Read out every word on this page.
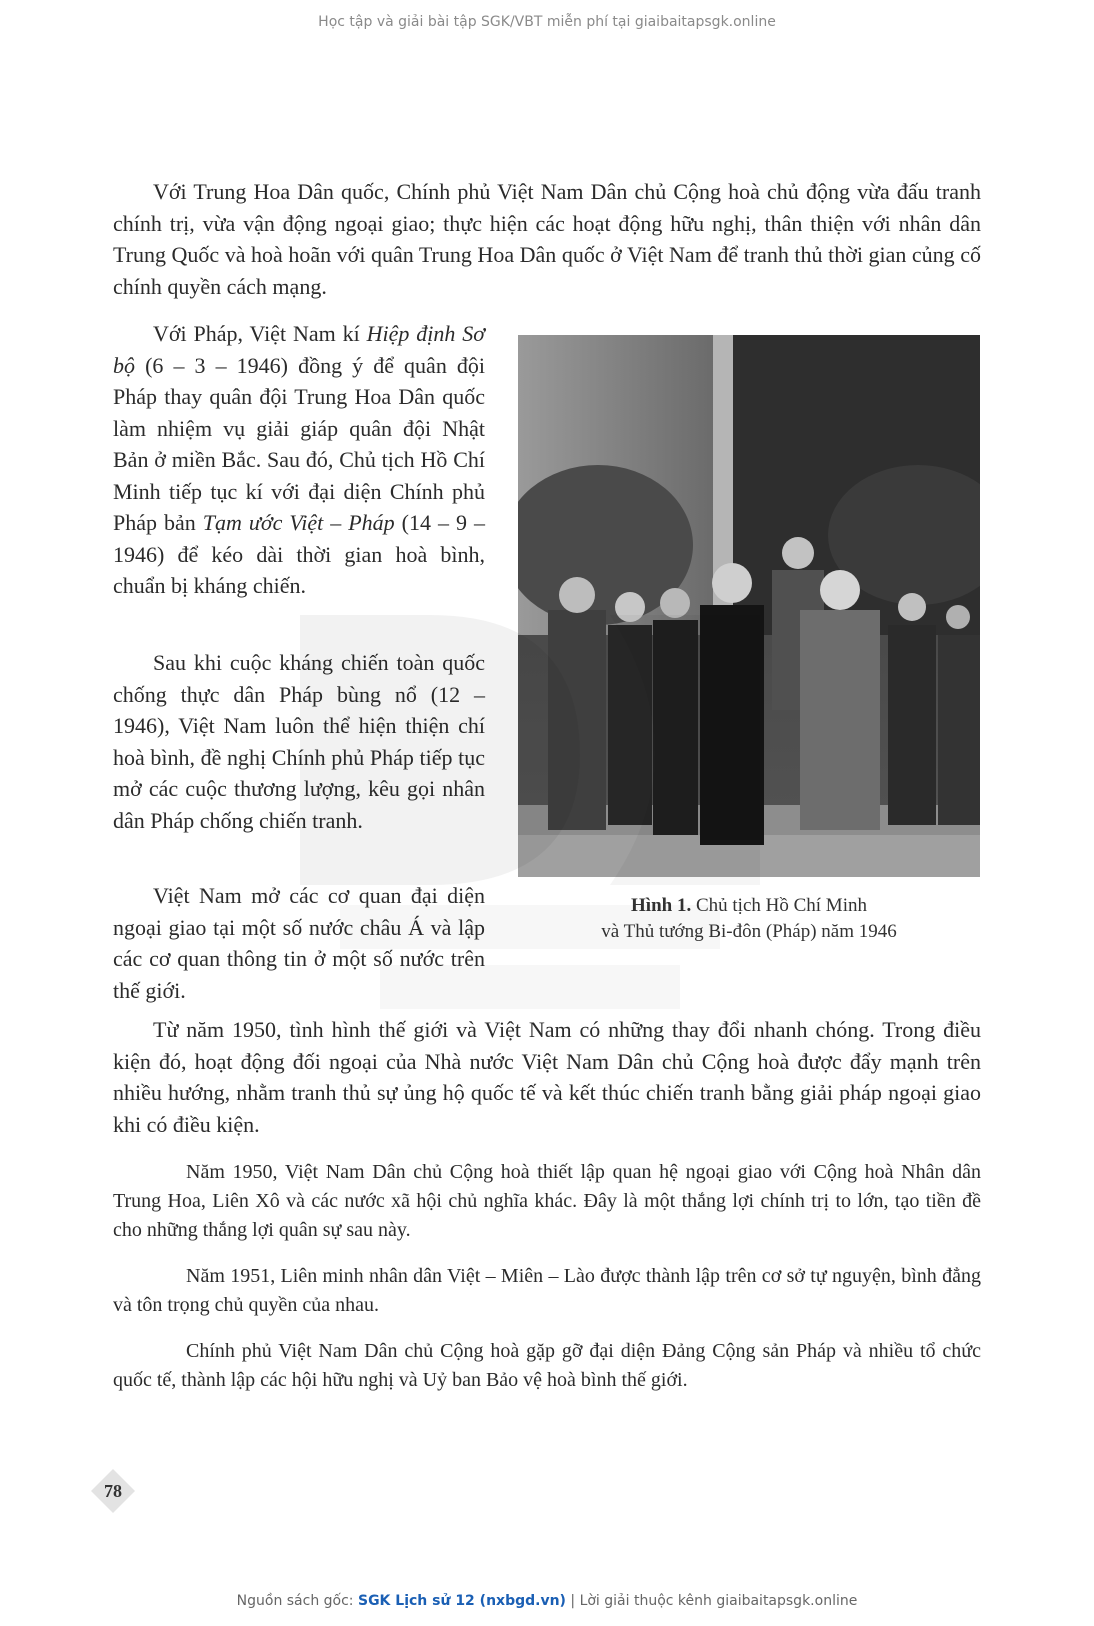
Học tập và giải bài tập SGK/VBT miễn phí tại giaibaitapsgk.online

Với Trung Hoa Dân quốc, Chính phủ Việt Nam Dân chủ Cộng hoà chủ động vừa đấu tranh chính trị, vừa vận động ngoại giao; thực hiện các hoạt động hữu nghị, thân thiện với nhân dân Trung Quốc và hoà hoãn với quân Trung Hoa Dân quốc ở Việt Nam để tranh thủ thời gian củng cố chính quyền cách mạng.

Với Pháp, Việt Nam kí Hiệp định Sơ bộ (6 – 3 – 1946) đồng ý để quân đội Pháp thay quân đội Trung Hoa Dân quốc làm nhiệm vụ giải giáp quân đội Nhật Bản ở miền Bắc. Sau đó, Chủ tịch Hồ Chí Minh tiếp tục kí với đại diện Chính phủ Pháp bản Tạm ước Việt – Pháp (14 – 9 – 1946) để kéo dài thời gian hoà bình, chuẩn bị kháng chiến.

Sau khi cuộc kháng chiến toàn quốc chống thực dân Pháp bùng nổ (12 – 1946), Việt Nam luôn thể hiện thiện chí hoà bình, đề nghị Chính phủ Pháp tiếp tục mở các cuộc thương lượng, kêu gọi nhân dân Pháp chống chiến tranh.

Việt Nam mở các cơ quan đại diện ngoại giao tại một số nước châu Á và lập các cơ quan thông tin ở một số nước trên thế giới.

Hình 1. Chủ tịch Hồ Chí Minh
và Thủ tướng Bi-đôn (Pháp) năm 1946

Từ năm 1950, tình hình thế giới và Việt Nam có những thay đổi nhanh chóng. Trong điều kiện đó, hoạt động đối ngoại của Nhà nước Việt Nam Dân chủ Cộng hoà được đẩy mạnh trên nhiều hướng, nhằm tranh thủ sự ủng hộ quốc tế và kết thúc chiến tranh bằng giải pháp ngoại giao khi có điều kiện.

Năm 1950, Việt Nam Dân chủ Cộng hoà thiết lập quan hệ ngoại giao với Cộng hoà Nhân dân Trung Hoa, Liên Xô và các nước xã hội chủ nghĩa khác. Đây là một thắng lợi chính trị to lớn, tạo tiền đề cho những thắng lợi quân sự sau này.

Năm 1951, Liên minh nhân dân Việt – Miên – Lào được thành lập trên cơ sở tự nguyện, bình đẳng và tôn trọng chủ quyền của nhau.

Chính phủ Việt Nam Dân chủ Cộng hoà gặp gỡ đại diện Đảng Cộng sản Pháp và nhiều tổ chức quốc tế, thành lập các hội hữu nghị và Uỷ ban Bảo vệ hoà bình thế giới.

78
Nguồn sách gốc: SGK Lịch sử 12 (nxbgd.vn) | Lời giải thuộc kênh giaibaitapsgk.online
